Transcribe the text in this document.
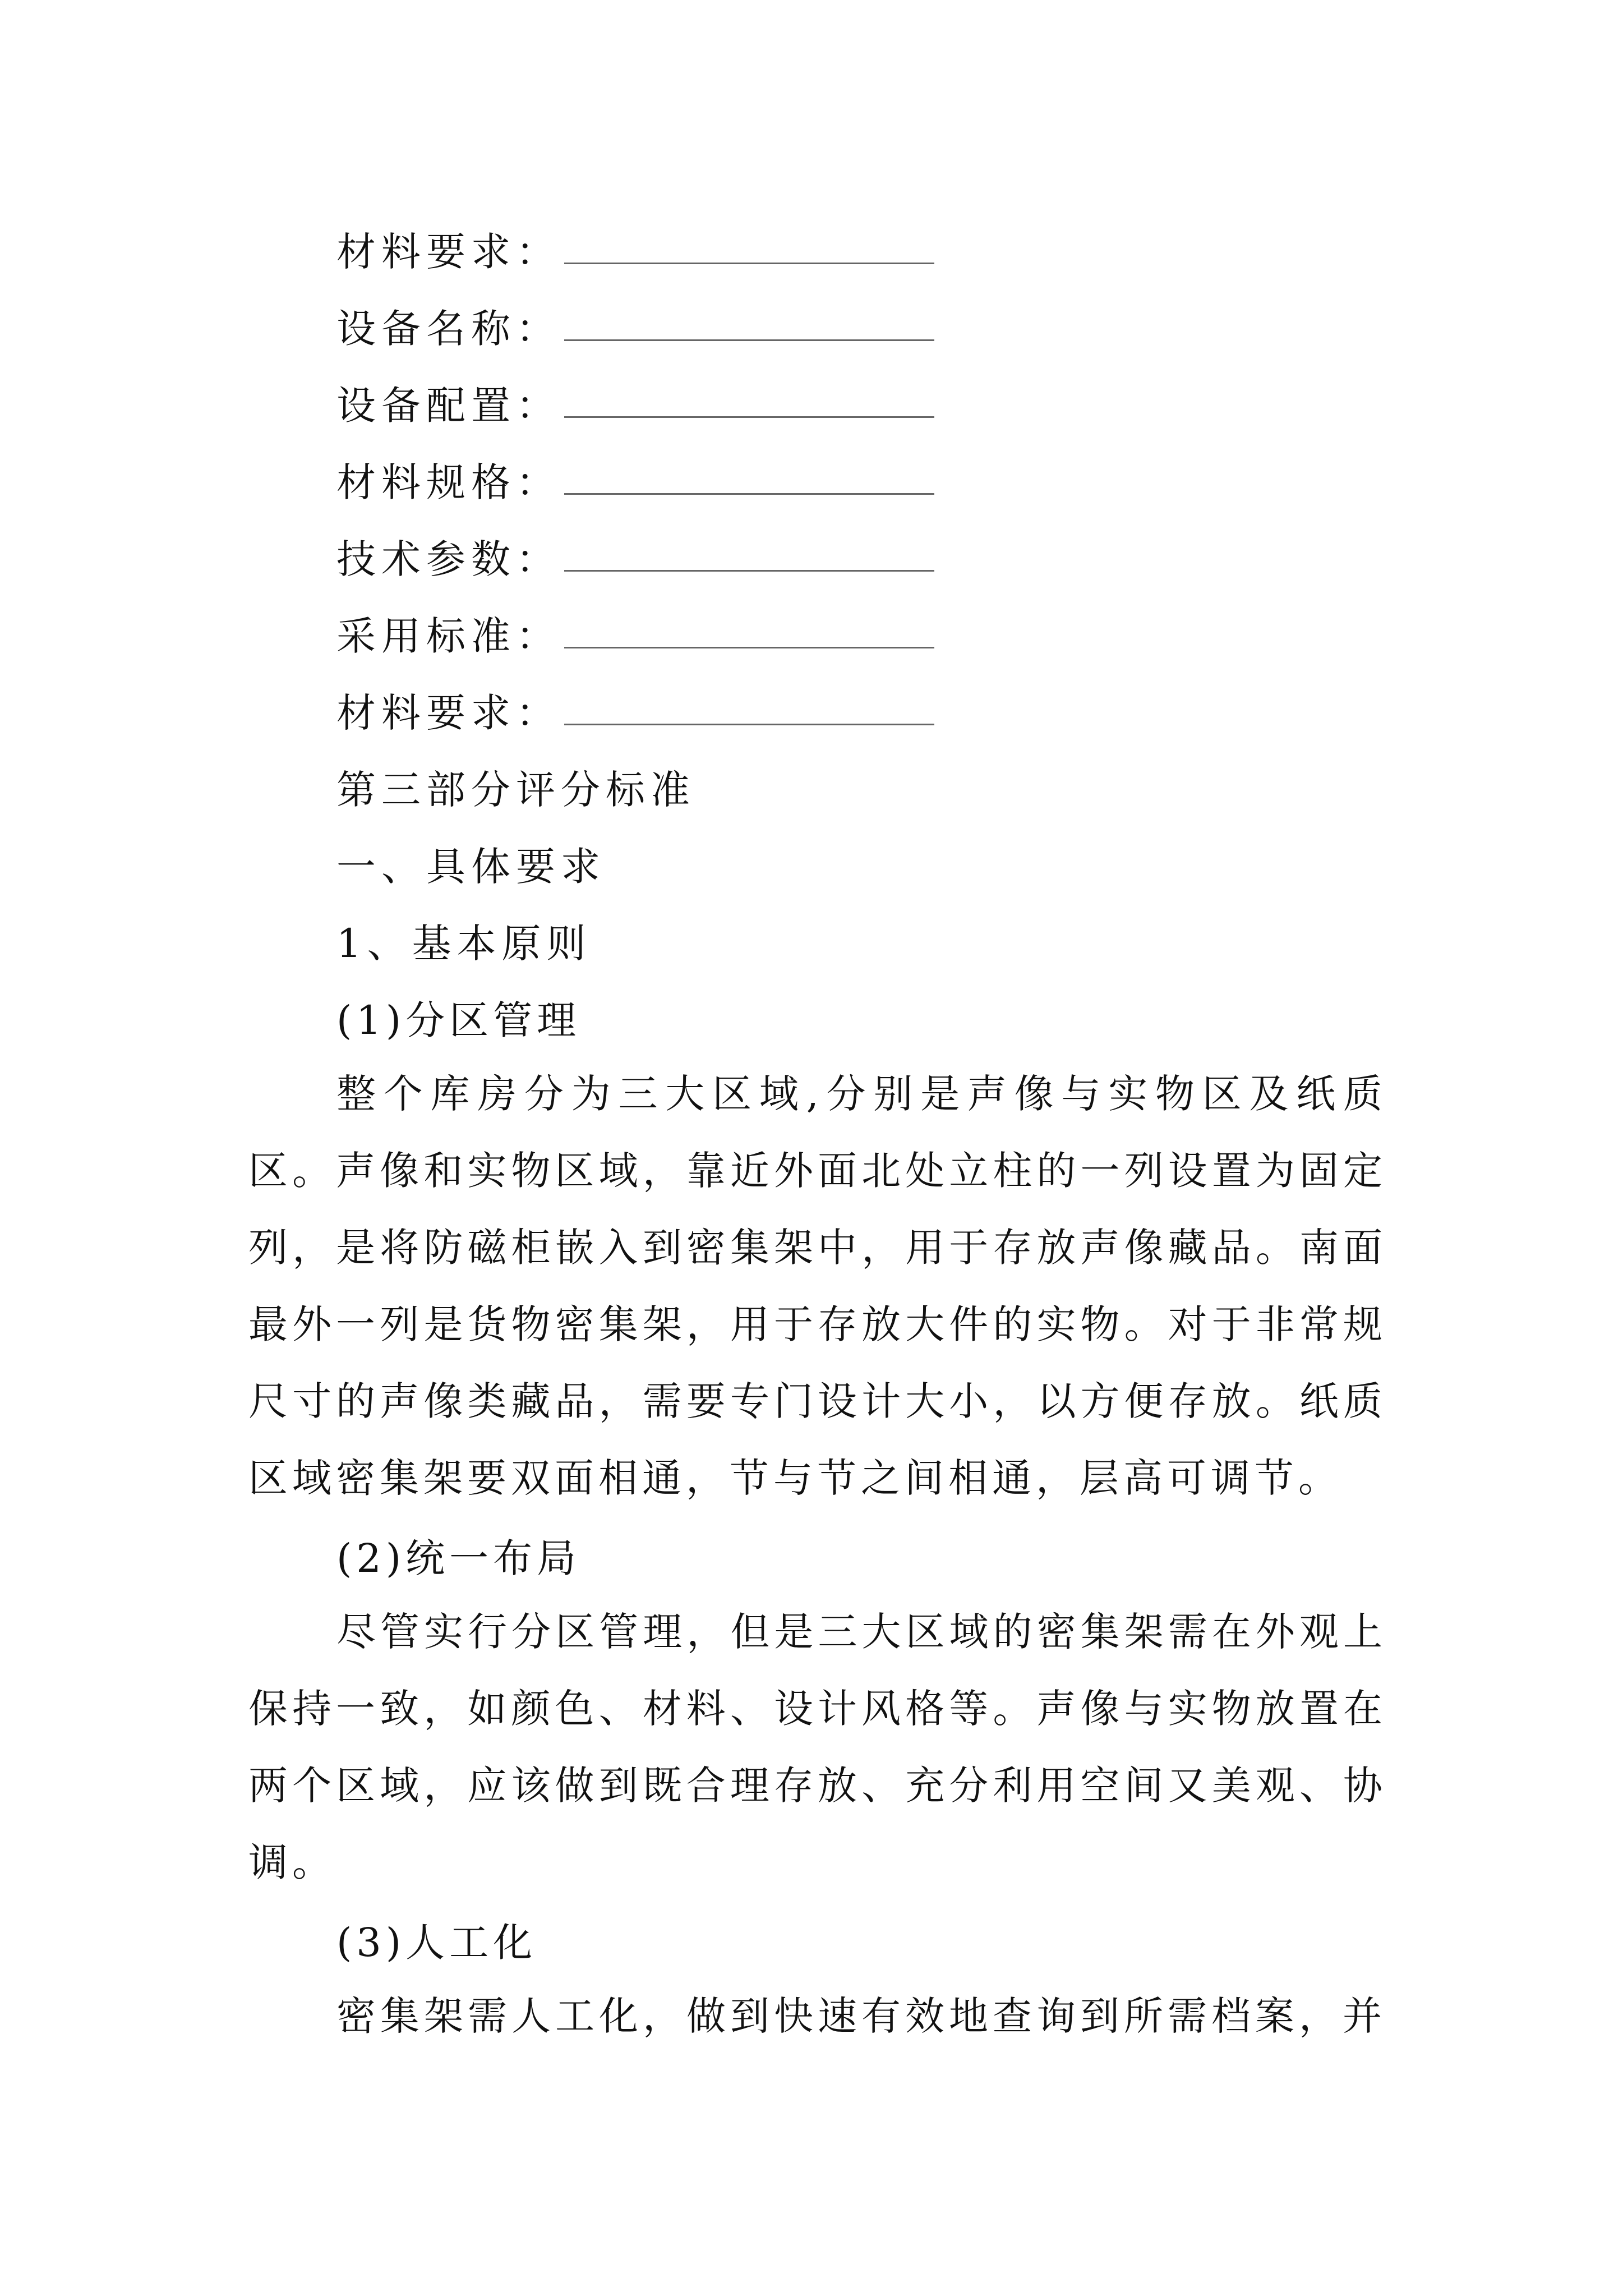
材料要求：
设备名称：
设备配置：
材料规格：
技术参数：
采用标准：
材料要求：
第三部分评分标准
一、具体要求
1、基本原则
(1)分区管理

整个库房分为三大区域,分别是声像与实物区及纸质区。声像和实物区域，靠近外面北处立柱的一列设置为固定列，是将防磁柜嵌入到密集架中，用于存放声像藏品。南面最外一列是货物密集架，用于存放大件的实物。对于非常规尺寸的声像类藏品，需要专门设计大小，以方便存放。纸质区域密集架要双面相通，节与节之间相通，层高可调节。

(2)统一布局

尽管实行分区管理，但是三大区域的密集架需在外观上保持一致，如颜色、材料、设计风格等。声像与实物放置在两个区域，应该做到既合理存放、充分利用空间又美观、协调。

(3)人工化

密集架需人工化，做到快速有效地查询到所需档案，并
